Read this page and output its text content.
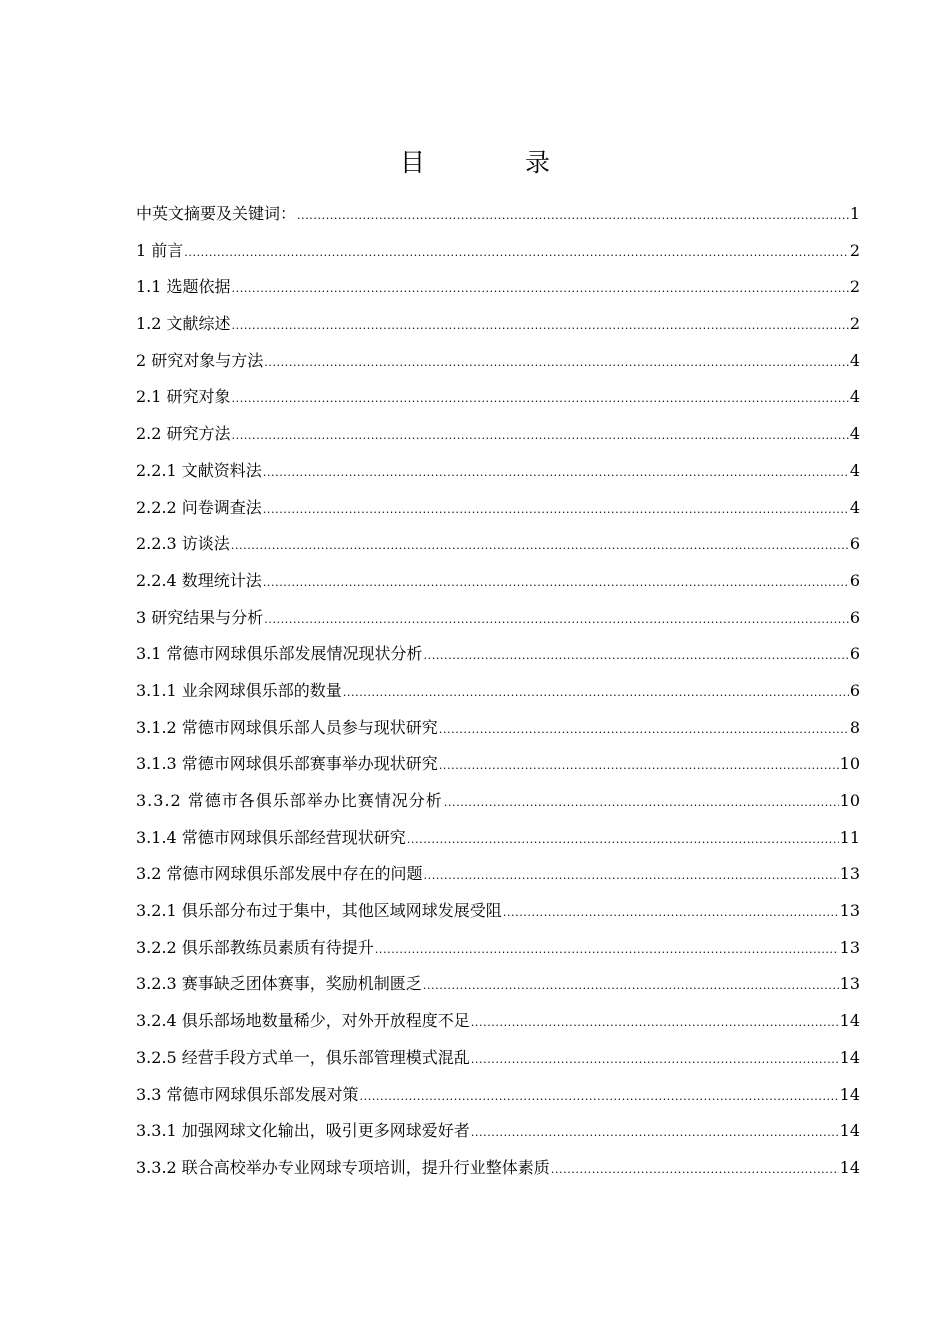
目 录
中英文摘要及关键词： .....	1
1 前言 .....	2
1.1 选题依据 .....	2
1.2 文献综述 .....	2
2 研究对象与方法 .....	4
2.1 研究对象 .....	4
2.2 研究方法 .....	4
2.2.1 文献资料法 .....	4
2.2.2 问卷调查法 .....	4
2.2.3 访谈法 .....	6
2.2.4 数理统计法 .....	6
3 研究结果与分析 .....	6
3.1 常德市网球俱乐部发展情况现状分析 .....	6
3.1.1 业余网球俱乐部的数量 .....	6
3.1.2 常德市网球俱乐部人员参与现状研究 .....	8
3.1.3 常德市网球俱乐部赛事举办现状研究 .....	10
3.3.2 常德市各俱乐部举办比赛情况分析 .....	10
3.1.4 常德市网球俱乐部经营现状研究 .....	11
3.2 常德市网球俱乐部发展中存在的问题 .....	13
3.2.1 俱乐部分布过于集中，其他区域网球发展受阻 .....	13
3.2.2 俱乐部教练员素质有待提升 .....	13
3.2.3 赛事缺乏团体赛事，奖励机制匮乏 .....	13
3.2.4 俱乐部场地数量稀少，对外开放程度不足 .....	14
3.2.5 经营手段方式单一，俱乐部管理模式混乱 .....	14
3.3 常德市网球俱乐部发展对策 .....	14
3.3.1 加强网球文化输出，吸引更多网球爱好者 .....	14
3.3.2 联合高校举办专业网球专项培训，提升行业整体素质 .....	14
